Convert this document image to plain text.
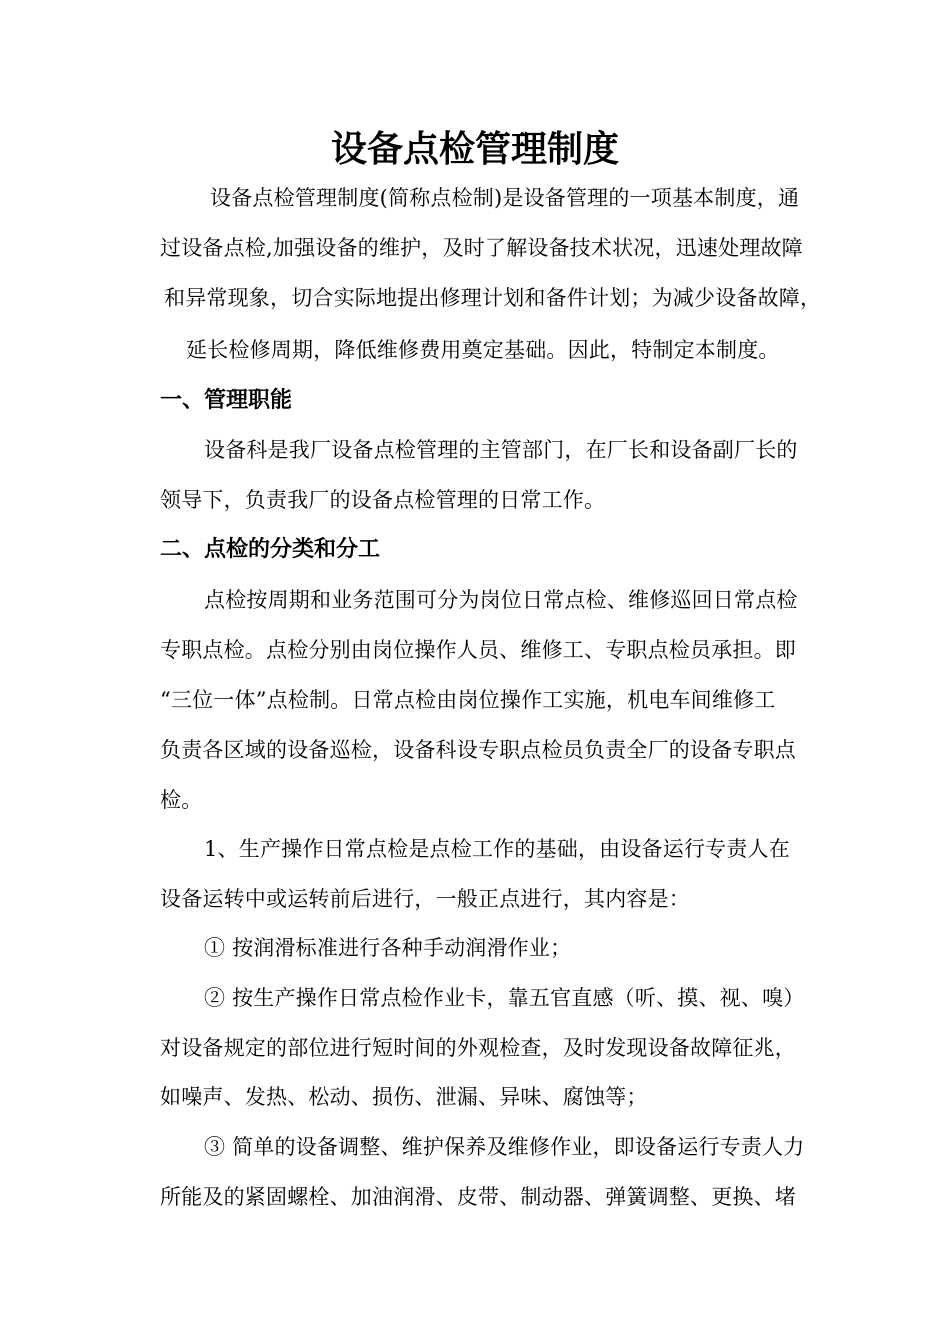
设备点检管理制度
设备点检管理制度(简称点检制)是设备管理的一项基本制度，通
过设备点检,加强设备的维护，及时了解设备技术状况，迅速处理故障
和异常现象，切合实际地提出修理计划和备件计划；为减少设备故障，
延长检修周期，降低维修费用奠定基础。因此，特制定本制度。
一、管理职能
设备科是我厂设备点检管理的主管部门，在厂长和设备副厂长的
领导下，负责我厂的设备点检管理的日常工作。
二、点检的分类和分工
点检按周期和业务范围可分为岗位日常点检、维修巡回日常点检
专职点检。点检分别由岗位操作人员、维修工、专职点检员承担。即
“三位一体”点检制。日常点检由岗位操作工实施，机电车间维修工
负责各区域的设备巡检，设备科设专职点检员负责全厂的设备专职点
检。
1、生产操作日常点检是点检工作的基础，由设备运行专责人在
设备运转中或运转前后进行，一般正点进行，其内容是：
① 按润滑标准进行各种手动润滑作业；
② 按生产操作日常点检作业卡，靠五官直感（听、摸、视、嗅）
对设备规定的部位进行短时间的外观检查，及时发现设备故障征兆，
如噪声、发热、松动、损伤、泄漏、异味、腐蚀等；
③ 简单的设备调整、维护保养及维修作业，即设备运行专责人力
所能及的紧固螺栓、加油润滑、皮带、制动器、弹簧调整、更换、堵
